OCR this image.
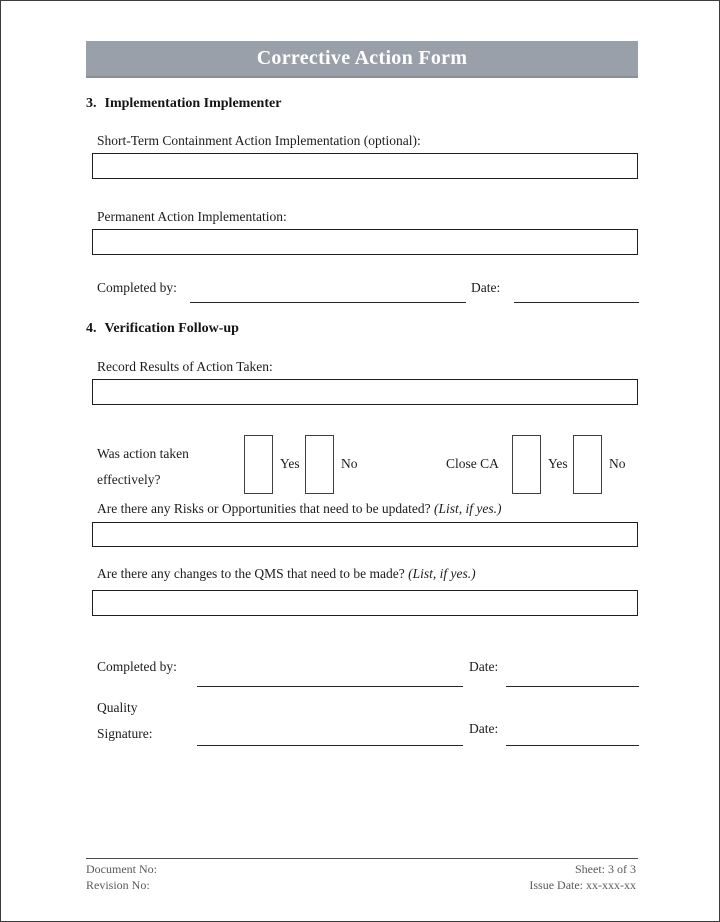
Corrective Action Form
3. Implementation Implementer
Short-Term Containment Action Implementation (optional):
Permanent Action Implementation:
Completed by:	Date:
4. Verification Follow-up
Record Results of Action Taken:
Was action taken
effectively?
Yes	No	Close CA	Yes	No
Are there any Risks or Opportunities that need to be updated? (List, if yes.)
Are there any changes to the QMS that need to be made? (List, if yes.)
Completed by:	Date:
Quality
Signature:	Date:
Document No:
Revision No:
Sheet: 3 of 3
Issue Date: xx-xxx-xx
